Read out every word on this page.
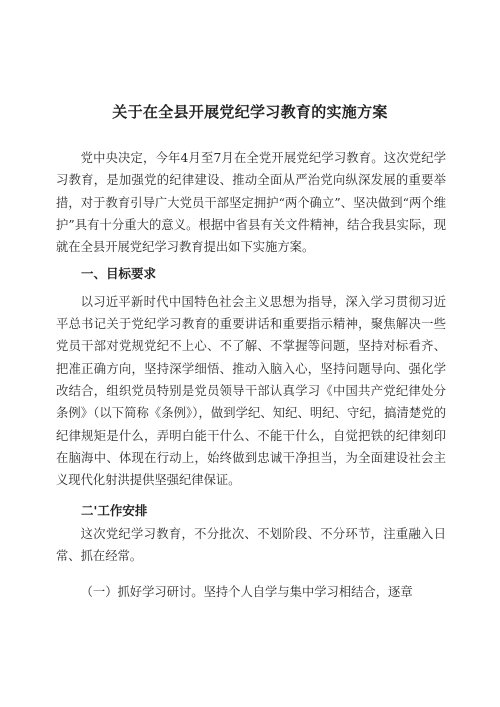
关于在全县开展党纪学习教育的实施方案

党中央决定，今年4月至7月在全党开展党纪学习教育。这次党纪学习教育，是加强党的纪律建设、推动全面从严治党向纵深发展的重要举措，对于教育引导广大党员干部坚定拥护“两个确立”、坚决做到“两个维护”具有十分重大的意义。根据中省县有关文件精神，结合我县实际，现就在全县开展党纪学习教育提出如下实施方案。

一、目标要求

以习近平新时代中国特色社会主义思想为指导，深入学习贯彻习近平总书记关于党纪学习教育的重要讲话和重要指示精神，聚焦解决一些党员干部对党规党纪不上心、不了解、不掌握等问题，坚持对标看齐、把准正确方向，坚持深学细悟、推动入脑入心，坚持问题导向、强化学改结合，组织党员特别是党员领导干部认真学习《中国共产党纪律处分条例》（以下简称《条例》），做到学纪、知纪、明纪、守纪，搞清楚党的纪律规矩是什么，弄明白能干什么、不能干什么，自觉把铁的纪律刻印在脑海中、体现在行动上，始终做到忠诚干净担当，为全面建设社会主义现代化射洪提供坚强纪律保证。

二'工作安排

这次党纪学习教育，不分批次、不划阶段、不分环节，注重融入日常、抓在经常。

（一）抓好学习研讨。坚持个人自学与集中学习相结合，逐章
